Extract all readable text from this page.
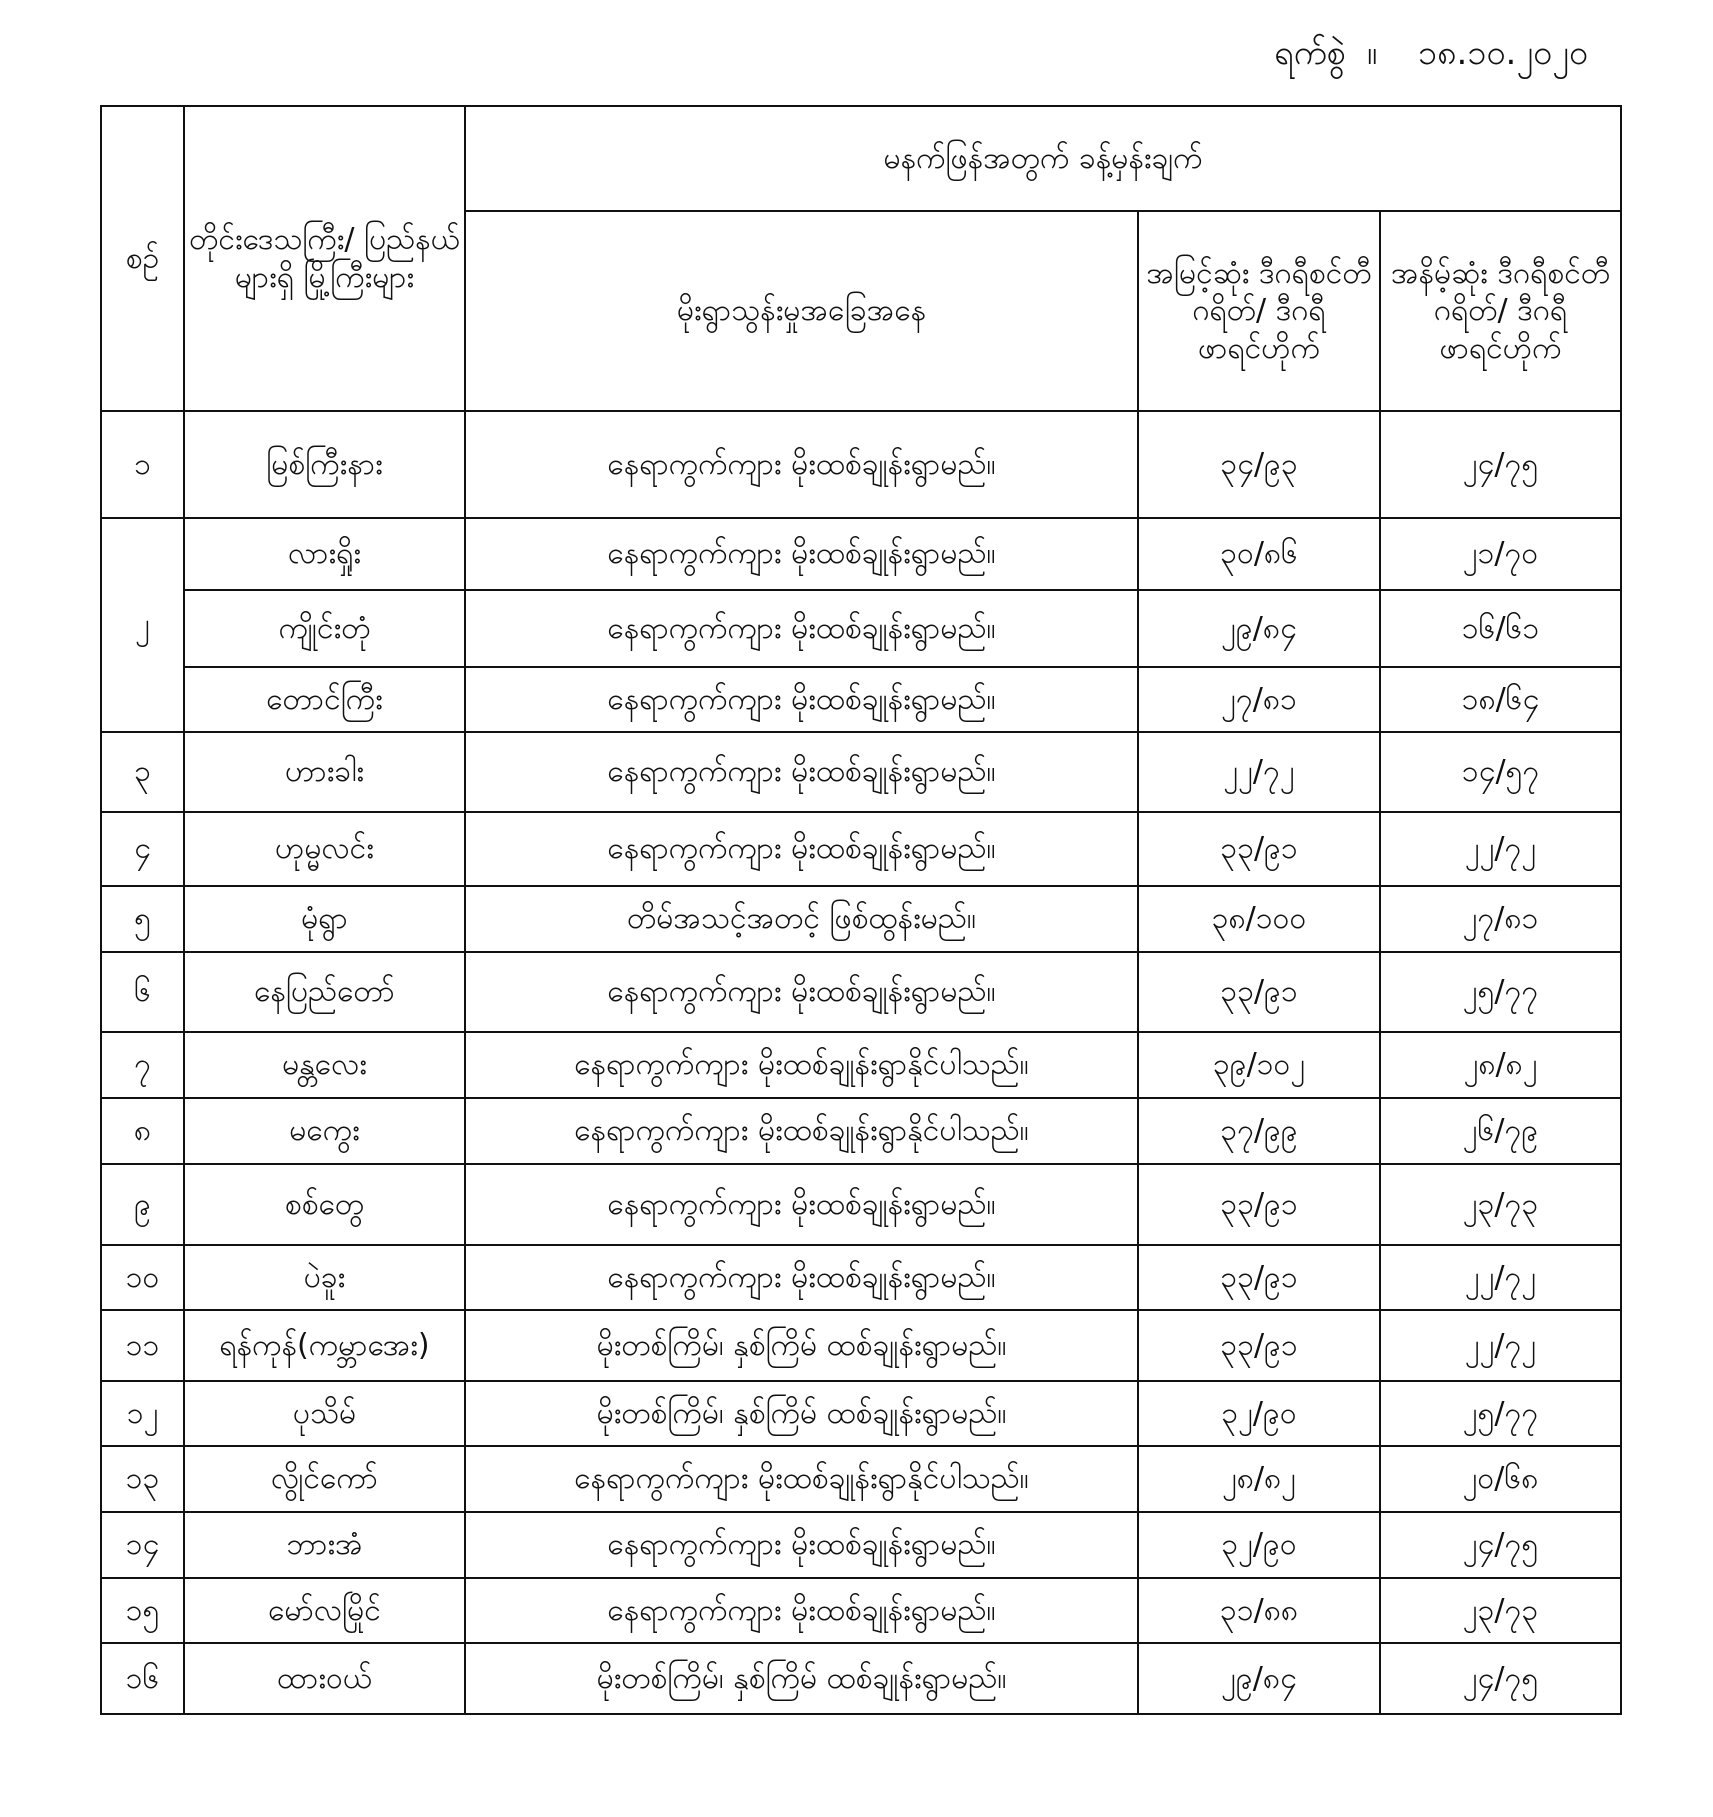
ရက်စွဲ ။ ၁၈.၁၀.၂၀၂၀
စဉ်	တိုင်းဒေသကြီး/ ပြည်နယ်များရှိ မြို့ကြီးများ	မနက်ဖြန်အတွက် ခန့်မှန်းချက်		
		မိုးရွာသွန်းမှုအခြေအနေ	အမြင့်ဆုံး ဒီဂရီစင်တီဂရိတ်/ ဒီဂရီဖာရင်ဟိုက်	အနိမ့်ဆုံး ဒီဂရီစင်တီဂရိတ်/ ဒီဂရီဖာရင်ဟိုက်
၁	မြစ်ကြီးနား	နေရာကွက်ကျား မိုးထစ်ချုန်းရွာမည်။	၃၄/၉၃	၂၄/၇၅
၂	လားရှိုး	နေရာကွက်ကျား မိုးထစ်ချုန်းရွာမည်။	၃၀/၈၆	၂၁/၇၀
	ကျိုင်းတုံ	နေရာကွက်ကျား မိုးထစ်ချုန်းရွာမည်။	၂၉/၈၄	၁၆/၆၁
	တောင်ကြီး	နေရာကွက်ကျား မိုးထစ်ချုန်းရွာမည်။	၂၇/၈၁	၁၈/၆၄
၃	ဟားခါး	နေရာကွက်ကျား မိုးထစ်ချုန်းရွာမည်။	၂၂/၇၂	၁၄/၅၇
၄	ဟုမ္မလင်း	နေရာကွက်ကျား မိုးထစ်ချုန်းရွာမည်။	၃၃/၉၁	၂၂/၇၂
၅	မုံရွာ	တိမ်အသင့်အတင့် ဖြစ်ထွန်းမည်။	၃၈/၁၀၀	၂၇/၈၁
၆	နေပြည်တော်	နေရာကွက်ကျား မိုးထစ်ချုန်းရွာမည်။	၃၃/၉၁	၂၅/၇၇
၇	မန္တလေး	နေရာကွက်ကျား မိုးထစ်ချုန်းရွာနိုင်ပါသည်။	၃၉/၁၀၂	၂၈/၈၂
၈	မကွေး	နေရာကွက်ကျား မိုးထစ်ချုန်းရွာနိုင်ပါသည်။	၃၇/၉၉	၂၆/၇၉
၉	စစ်တွေ	နေရာကွက်ကျား မိုးထစ်ချုန်းရွာမည်။	၃၃/၉၁	၂၃/၇၃
၁၀	ပဲခူး	နေရာကွက်ကျား မိုးထစ်ချုန်းရွာမည်။	၃၃/၉၁	၂၂/၇၂
၁၁	ရန်ကုန်(ကမ္ဘာအေး)	မိုးတစ်ကြိမ်၊ နှစ်ကြိမ် ထစ်ချုန်းရွာမည်။	၃၃/၉၁	၂၂/၇၂
၁၂	ပုသိမ်	မိုးတစ်ကြိမ်၊ နှစ်ကြိမ် ထစ်ချုန်းရွာမည်။	၃၂/၉၀	၂၅/၇၇
၁၃	လွိုင်ကော်	နေရာကွက်ကျား မိုးထစ်ချုန်းရွာနိုင်ပါသည်။	၂၈/၈၂	၂၀/၆၈
၁၄	ဘားအံ	နေရာကွက်ကျား မိုးထစ်ချုန်းရွာမည်။	၃၂/၉၀	၂၄/၇၅
၁၅	မော်လမြိုင်	နေရာကွက်ကျား မိုးထစ်ချုန်းရွာမည်။	၃၁/၈၈	၂၃/၇၃
၁၆	ထားဝယ်	မိုးတစ်ကြိမ်၊ နှစ်ကြိမ် ထစ်ချုန်းရွာမည်။	၂၉/၈၄	၂၄/၇၅
